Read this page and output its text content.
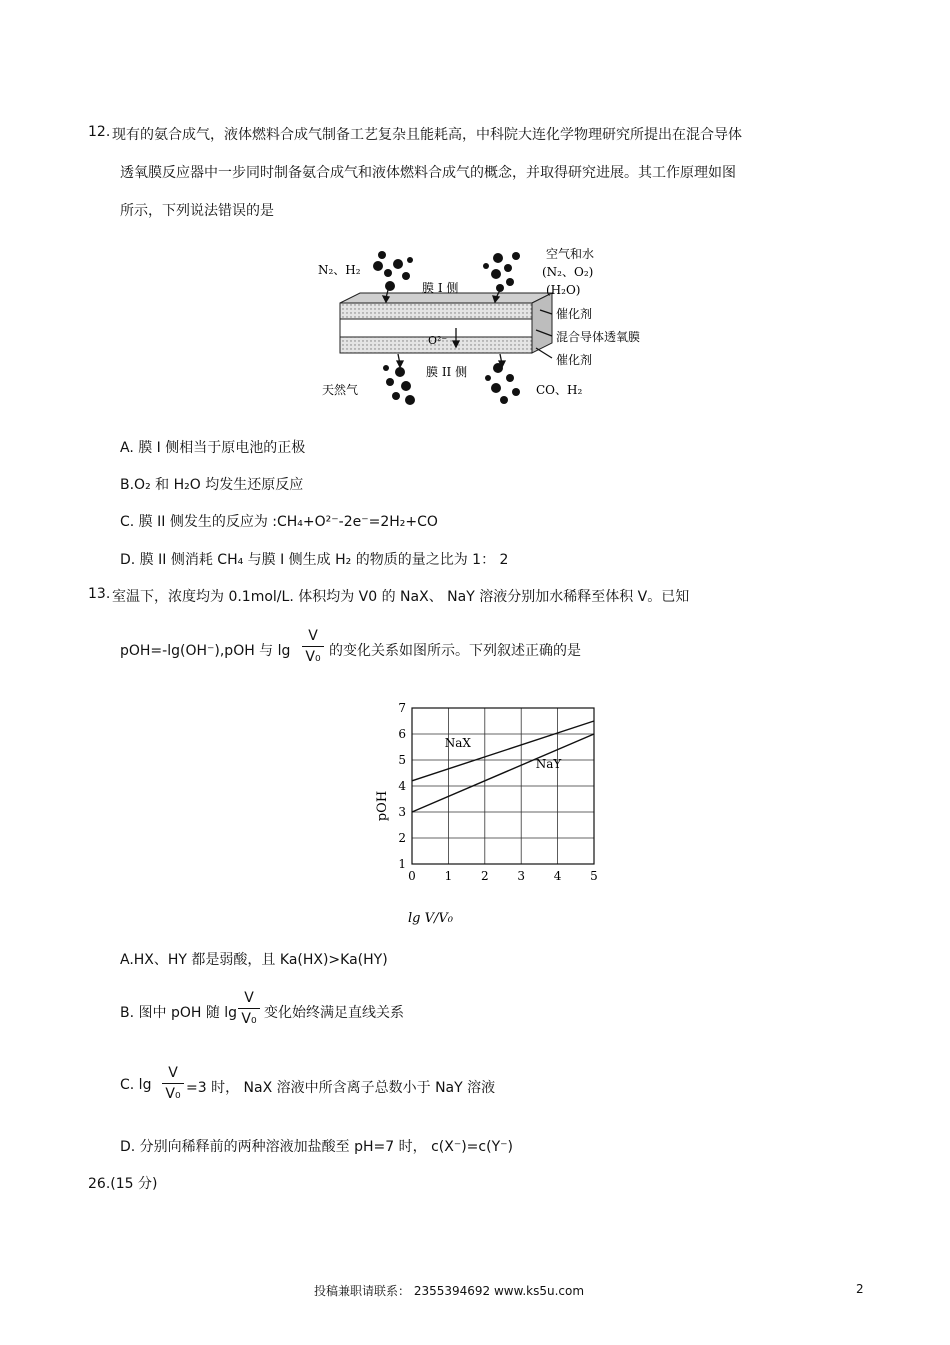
12. 现有的氨合成气，液体燃料合成气制备工艺复杂且能耗高，中科院大连化学物理研究所提出在混合导体
透氧膜反应器中一步同时制备氨合成气和液体燃料合成气的概念，并取得研究进展。其工作原理如图
所示，下列说法错误的是
N₂、H₂
膜 I 侧
空气和水
(N₂、O₂)
(H₂O)
催化剂
混合导体透氧膜
催化剂
O²⁻
膜 II 侧
天然气	CO、H₂
A. 膜 I 侧相当于原电池的正极
B.O₂ 和 H₂O 均发生还原反应
C. 膜 II 侧发生的反应为 :CH₄+O²⁻-2e⁻=2H₂+CO
D. 膜 II 侧消耗 CH₄ 与膜 I 侧生成 H₂ 的物质的量之比为 1： 2
13. 室温下，浓度均为 0.1mol/L. 体积均为 V0 的 NaX、 NaY 溶液分别加水稀释至体积 V。已知
pOH=-lg(OH⁻),pOH 与 lg
V
V₀ 的变化关系如图所示。下列叙述正确的是
lg V/V₀
pOH
0 1 2 3 4 5
1
2
3
4
5
6
7
NaX
NaY
A.HX、HY 都是弱酸，且 Ka(HX)>Ka(HY)
B. 图中 pOH 随 lg
V
V₀ 变化始终满足直线关系
C. lg
V
V₀ =3 时， NaX 溶液中所含离子总数小于 NaY 溶液
D. 分别向稀释前的两种溶液加盐酸至 pH=7 时， c(X⁻)=c(Y⁻)
26.(15 分)
投稿兼职请联系： 2355394692 www.ks5u.com	2
